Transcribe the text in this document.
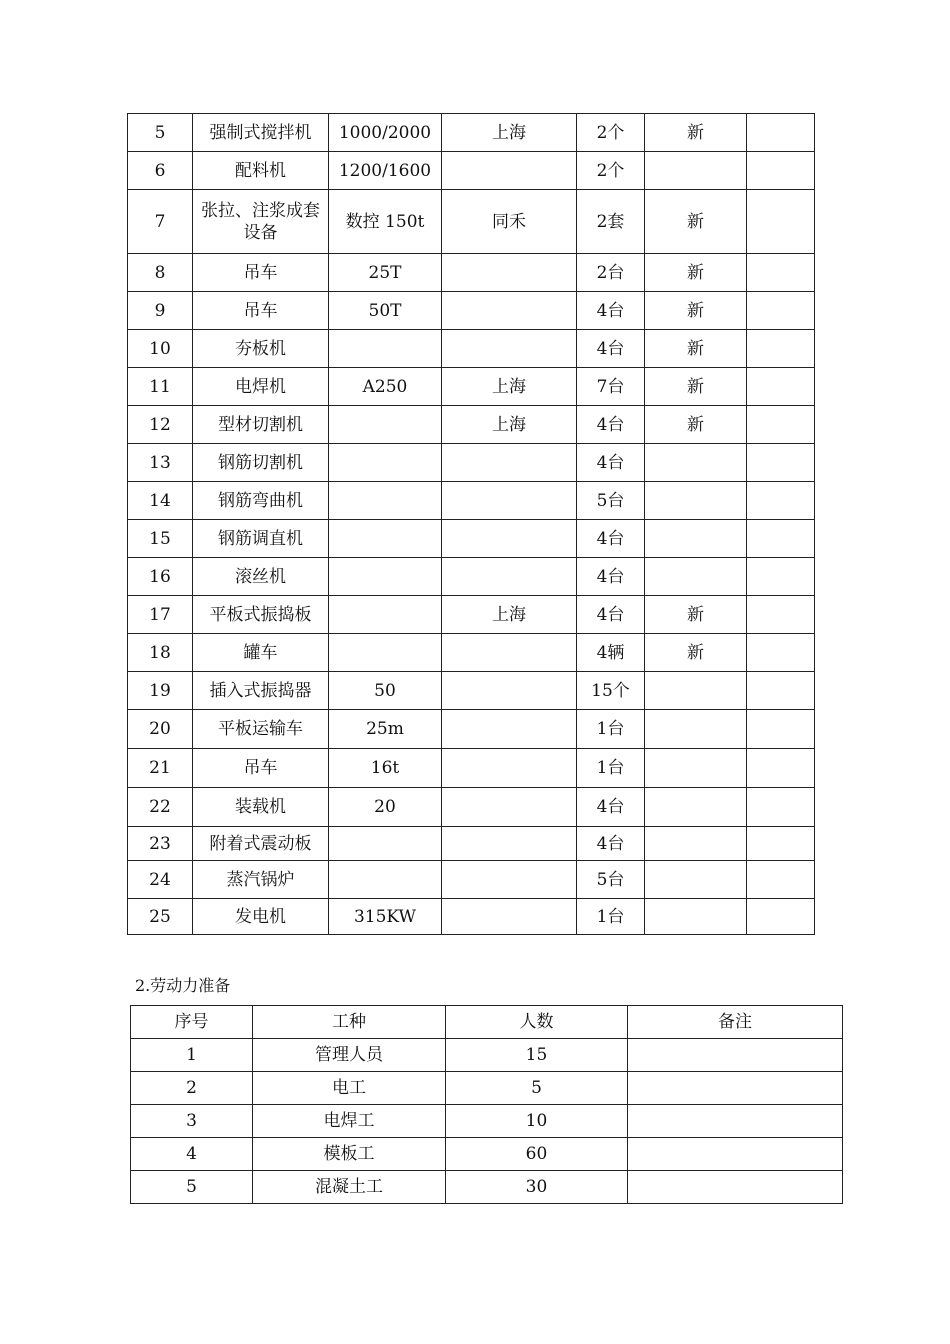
5	强制式搅拌机	1000/2000	上海	2个	新	
6	配料机	1200/1600		2个		
7	张拉、注浆成套设备	数控 150t	同禾	2套	新	
8	吊车	25T		2台	新	
9	吊车	50T		4台	新	
10	夯板机			4台	新	
11	电焊机	A250	上海	7台	新	
12	型材切割机		上海	4台	新	
13	钢筋切割机			4台		
14	钢筋弯曲机			5台		
15	钢筋调直机			4台		
16	滚丝机			4台		
17	平板式振捣板		上海	4台	新	
18	罐车			4辆	新	
19	插入式振捣器	50		15个		
20	平板运输车	25m		1台		
21	吊车	16t		1台		
22	装载机	20		4台		
23	附着式震动板			4台		
24	蒸汽锅炉			5台		
25	发电机	315KW		1台		
2.劳动力准备
序号	工种	人数	备注
1	管理人员	15	
2	电工	5	
3	电焊工	10	
4	模板工	60	
5	混凝土工	30	
